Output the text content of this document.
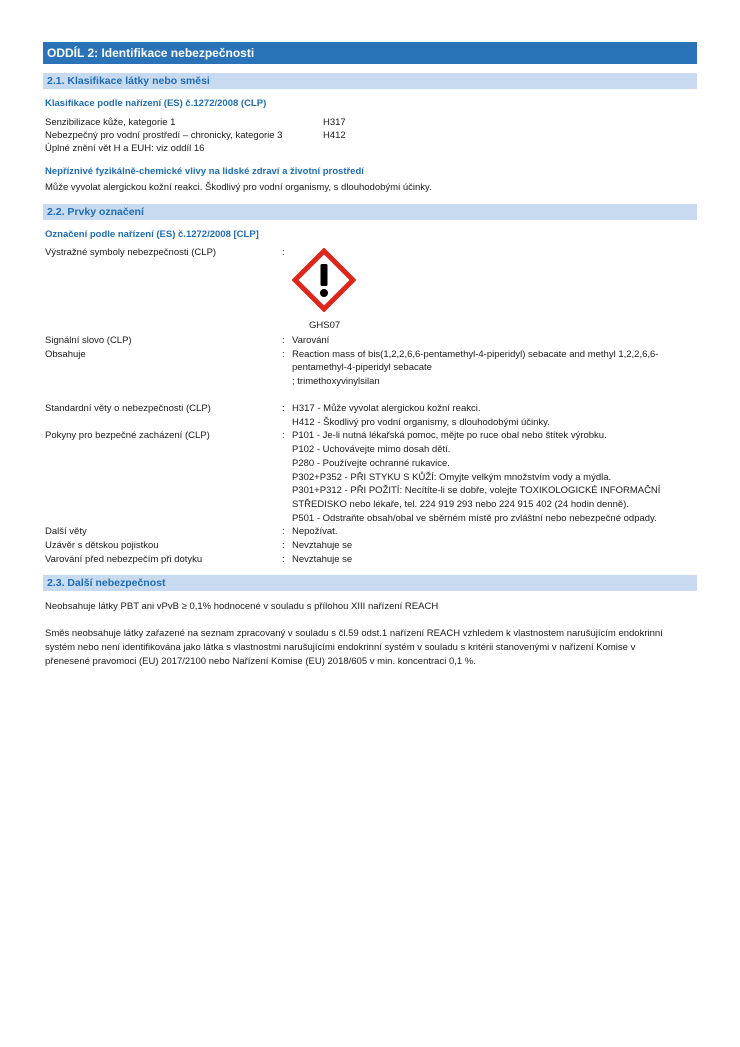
ODDÍL 2: Identifikace nebezpečnosti
2.1. Klasifikace látky nebo směsi
Klasifikace podle nařízení (ES) č.1272/2008 (CLP)
Senzibilizace kůže, kategorie 1	H317
Nebezpečný pro vodní prostředí – chronicky, kategorie 3	H412
Úplné znění vět H a EUH: viz oddíl 16
Nepříznivé fyzikálně-chemické vlivy na lidské zdraví a životní prostředí
Může vyvolat alergickou kožní reakci. Škodlivý pro vodní organismy, s dlouhodobými účinky.
2.2. Prvky označení
Označení podle nařízení (ES) č.1272/2008 [CLP]
Výstražné symboly nebezpečnosti (CLP)	:
GHS07
Signální slovo (CLP)	: Varování
Obsahuje	: Reaction mass of bis(1,2,2,6,6-pentamethyl-4-piperidyl) sebacate and methyl 1,2,2,6,6-
pentamethyl-4-piperidyl sebacate
; trimethoxyvinylsilan
Standardní věty o nebezpečnosti (CLP)	: H317 - Může vyvolat alergickou kožní reakci.
H412 - Škodlivý pro vodní organismy, s dlouhodobými účinky.
Pokyny pro bezpečné zacházení (CLP)	: P101 - Je-li nutná lékařská pomoc, mějte po ruce obal nebo štítek výrobku.
P102 - Uchovávejte mimo dosah dětí.
P280 - Používejte ochranné rukavice.
P302+P352 - PŘI STYKU S KŮŽÍ: Omyjte velkým množstvím vody a mýdla.
P301+P312 - PŘI POŽITÍ: Necítíte-li se dobře, volejte TOXIKOLOGICKÉ INFORMAČNÍ
STŘEDISKO nebo lékaře, tel. 224 919 293 nebo 224 915 402 (24 hodin denně).
P501 - Odstraňte obsah/obal ve sběrném místě pro zvláštní nebo nebezpečné odpady.
Další věty	: Nepožívat.
Uzávěr s dětskou pojistkou	: Nevztahuje se
Varování před nebezpečím při dotyku	: Nevztahuje se
2.3. Další nebezpečnost
Neobsahuje látky PBT ani vPvB ≥ 0,1% hodnocené v souladu s přílohou XIII nařízení REACH
Směs neobsahuje látky zařazené na seznam zpracovaný v souladu s čl.59 odst.1 nařízení REACH vzhledem k vlastnostem narušujícím endokrinní
systém nebo není identifikována jako látka s vlastnostmi narušujícími endokrinní systém v souladu s kritérii stanovenými v nařízení Komise v
přenesené pravomoci (EU) 2017/2100 nebo Nařízení Komise (EU) 2018/605 v min. koncentraci 0,1 %.
